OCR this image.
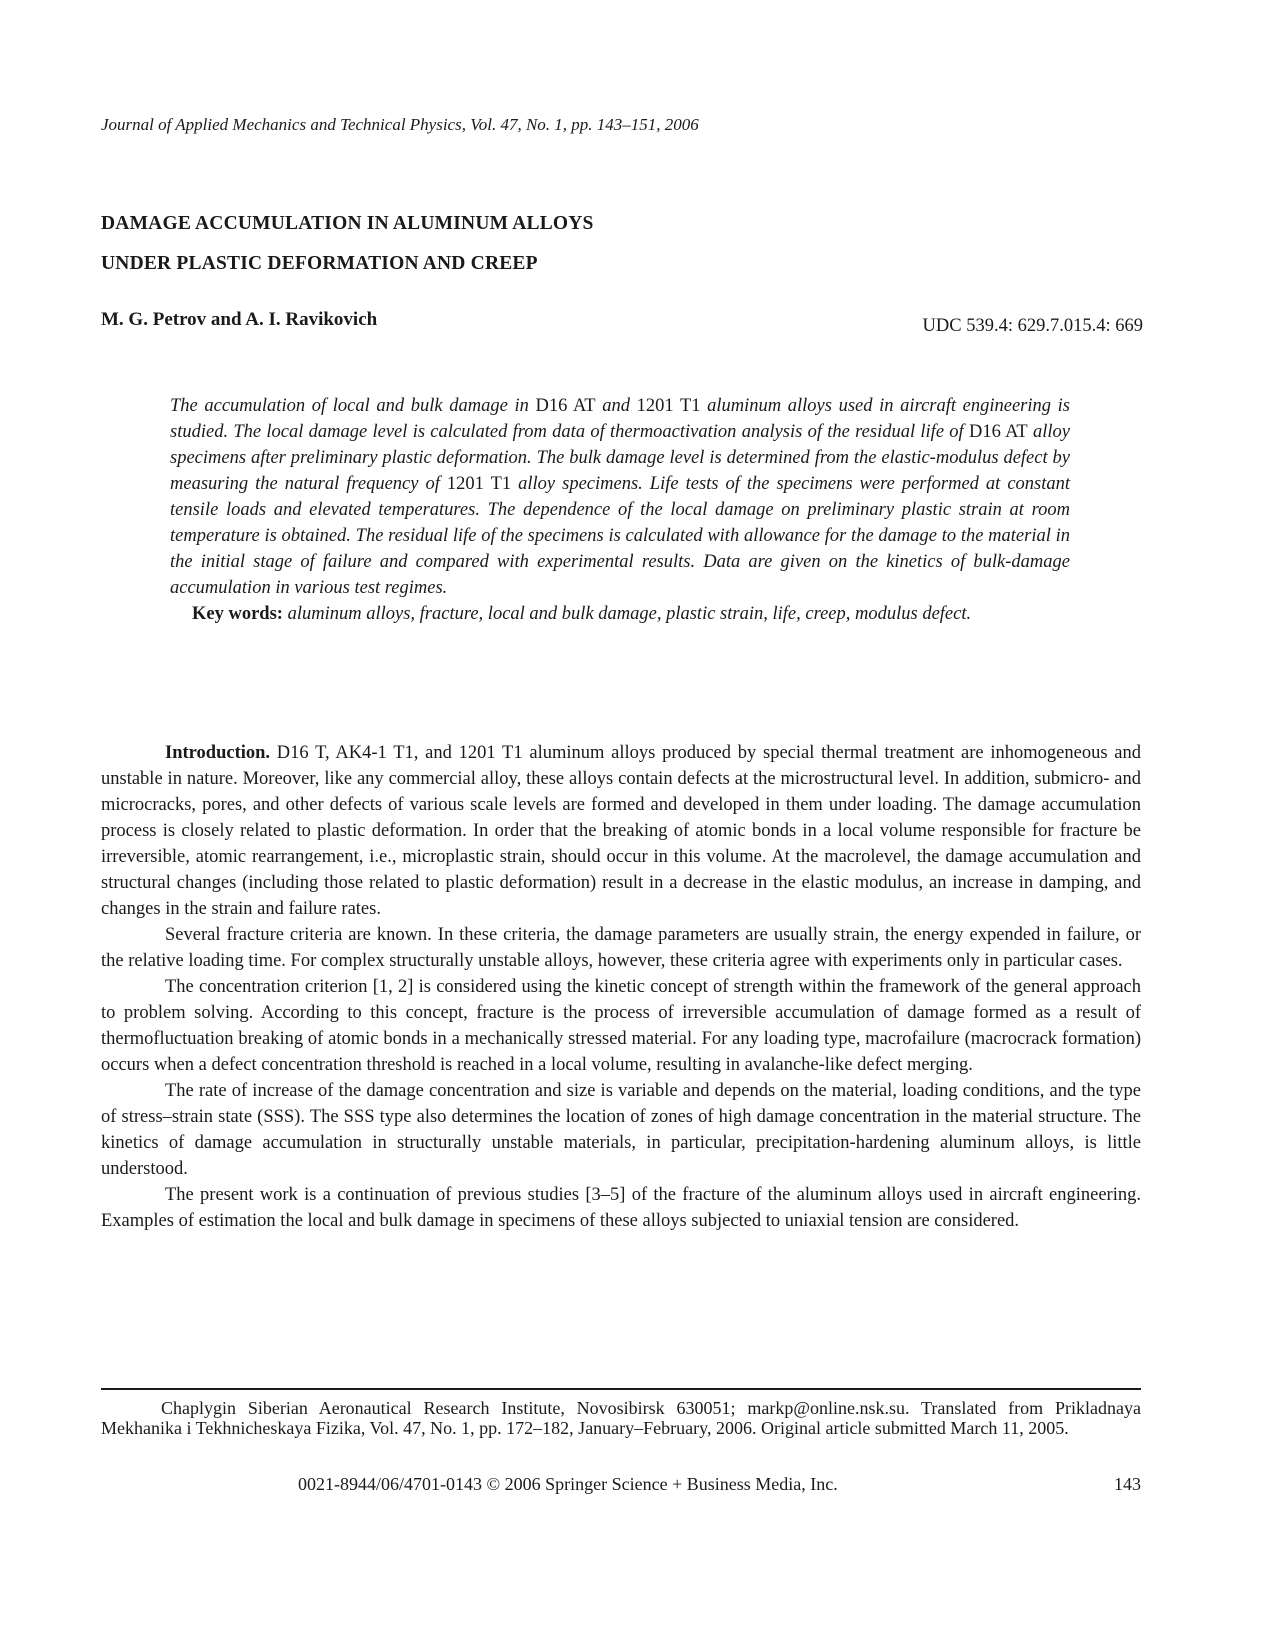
Journal of Applied Mechanics and Technical Physics, Vol. 47, No. 1, pp. 143–151, 2006
DAMAGE ACCUMULATION IN ALUMINUM ALLOYS
UNDER PLASTIC DEFORMATION AND CREEP
M. G. Petrov and A. I. Ravikovich	UDC 539.4: 629.7.015.4: 669

The accumulation of local and bulk damage in D16 AT and 1201 T1 aluminum alloys used in aircraft engineering is studied. The local damage level is calculated from data of thermoactivation analysis of the residual life of D16 AT alloy specimens after preliminary plastic deformation. The bulk damage level is determined from the elastic-modulus defect by measuring the natural frequency of 1201 T1 alloy specimens. Life tests of the specimens were performed at constant tensile loads and elevated temperatures. The dependence of the local damage on preliminary plastic strain at room temperature is obtained. The residual life of the specimens is calculated with allowance for the damage to the material in the initial stage of failure and compared with experimental results. Data are given on the kinetics of bulk-damage accumulation in various test regimes.

Key words: aluminum alloys, fracture, local and bulk damage, plastic strain, life, creep, modulus defect.

Introduction. D16 T, AK4-1 T1, and 1201 T1 aluminum alloys produced by special thermal treatment are inhomogeneous and unstable in nature. Moreover, like any commercial alloy, these alloys contain defects at the microstructural level. In addition, submicro- and microcracks, pores, and other defects of various scale levels are formed and developed in them under loading. The damage accumulation process is closely related to plastic deformation. In order that the breaking of atomic bonds in a local volume responsible for fracture be irreversible, atomic rearrangement, i.e., microplastic strain, should occur in this volume. At the macrolevel, the damage accumulation and structural changes (including those related to plastic deformation) result in a decrease in the elastic modulus, an increase in damping, and changes in the strain and failure rates.

Several fracture criteria are known. In these criteria, the damage parameters are usually strain, the energy expended in failure, or the relative loading time. For complex structurally unstable alloys, however, these criteria agree with experiments only in particular cases.

The concentration criterion [1, 2] is considered using the kinetic concept of strength within the framework of the general approach to problem solving. According to this concept, fracture is the process of irreversible accumulation of damage formed as a result of thermofluctuation breaking of atomic bonds in a mechanically stressed material. For any loading type, macrofailure (macrocrack formation) occurs when a defect concentration threshold is reached in a local volume, resulting in avalanche-like defect merging.

The rate of increase of the damage concentration and size is variable and depends on the material, loading conditions, and the type of stress–strain state (SSS). The SSS type also determines the location of zones of high damage concentration in the material structure. The kinetics of damage accumulation in structurally unstable materials, in particular, precipitation-hardening aluminum alloys, is little understood.

The present work is a continuation of previous studies [3–5] of the fracture of the aluminum alloys used in aircraft engineering. Examples of estimation the local and bulk damage in specimens of these alloys subjected to uniaxial tension are considered.

Chaplygin Siberian Aeronautical Research Institute, Novosibirsk 630051; markp@online.nsk.su. Translated from Prikladnaya Mekhanika i Tekhnicheskaya Fizika, Vol. 47, No. 1, pp. 172–182, January–February, 2006. Original article submitted March 11, 2005.
0021-8944/06/4701-0143 © 2006 Springer Science + Business Media, Inc.	143
